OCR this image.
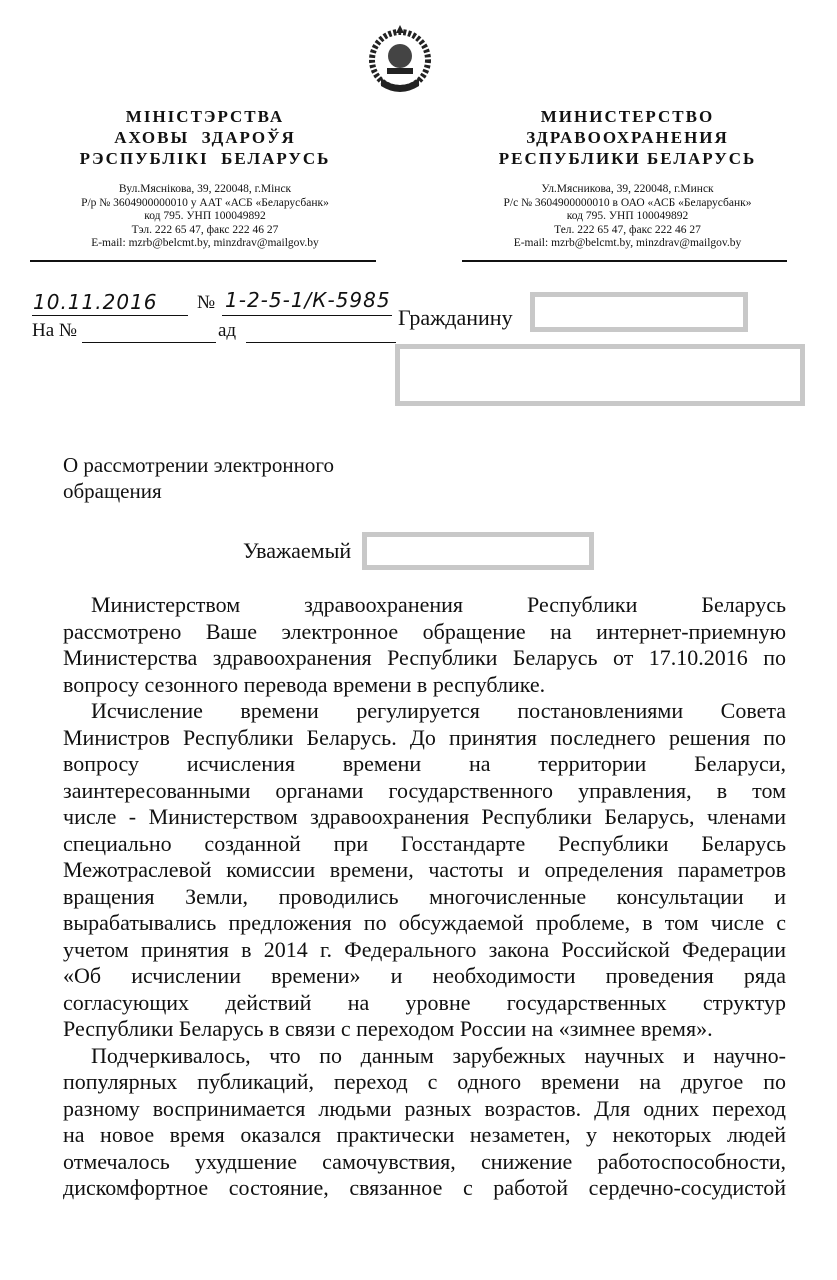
МІНІСТЭРСТВА
АХОВЫ  ЗДАРОЎЯ
РЭСПУБЛІКІ  БЕЛАРУСЬ
Вул.Мяснікова, 39, 220048, г.Мінск
Р/р № 3604900000010 у ААТ «АСБ «Беларусбанк»
код 795. УНП 100049892
Тэл. 222 65 47, факс 222 46 27
E-mail: mzrb@belcmt.by, minzdrav@mailgov.by
МИНИСТЕРСТВО
ЗДРАВООХРАНЕНИЯ
РЕСПУБЛИКИ БЕЛАРУСЬ
Ул.Мясникова, 39, 220048, г.Минск
Р/с № 3604900000010 в ОАО «АСБ «Беларусбанк»
код 795. УНП 100049892
Тел. 222 65 47, факс 222 46 27
E-mail: mzrb@belcmt.by, minzdrav@mailgov.by
10.11.2016 № 1-2-5-1/К-5985
На №	ад
Гражданину
О рассмотрении электронного
обращения
Уважаемый
Министерством здравоохранения Республики Беларусь
рассмотрено Ваше электронное обращение на интернет-приемную
Министерства здравоохранения Республики Беларусь от 17.10.2016 по
вопросу сезонного перевода времени в республике.
Исчисление времени регулируется постановлениями Совета
Министров Республики Беларусь. До принятия последнего решения по
вопросу исчисления времени на территории Беларуси,
заинтересованными органами государственного управления, в том
числе - Министерством здравоохранения Республики Беларусь, членами
специально созданной при Госстандарте Республики Беларусь
Межотраслевой комиссии времени, частоты и определения параметров
вращения Земли, проводились многочисленные консультации и
вырабатывались предложения по обсуждаемой проблеме, в том числе с
учетом принятия в 2014 г. Федерального закона Российской Федерации
«Об исчислении времени» и необходимости проведения ряда
согласующих действий на уровне государственных структур
Республики Беларусь в связи с переходом России на «зимнее время».
Подчеркивалось, что по данным зарубежных научных и научно-
популярных публикаций, переход с одного времени на другое по
разному воспринимается людьми разных возрастов. Для одних переход
на новое время оказался практически незаметен, у некоторых людей
отмечалось ухудшение самочувствия, снижение работоспособности,
дискомфортное состояние, связанное с работой сердечно-сосудистой
